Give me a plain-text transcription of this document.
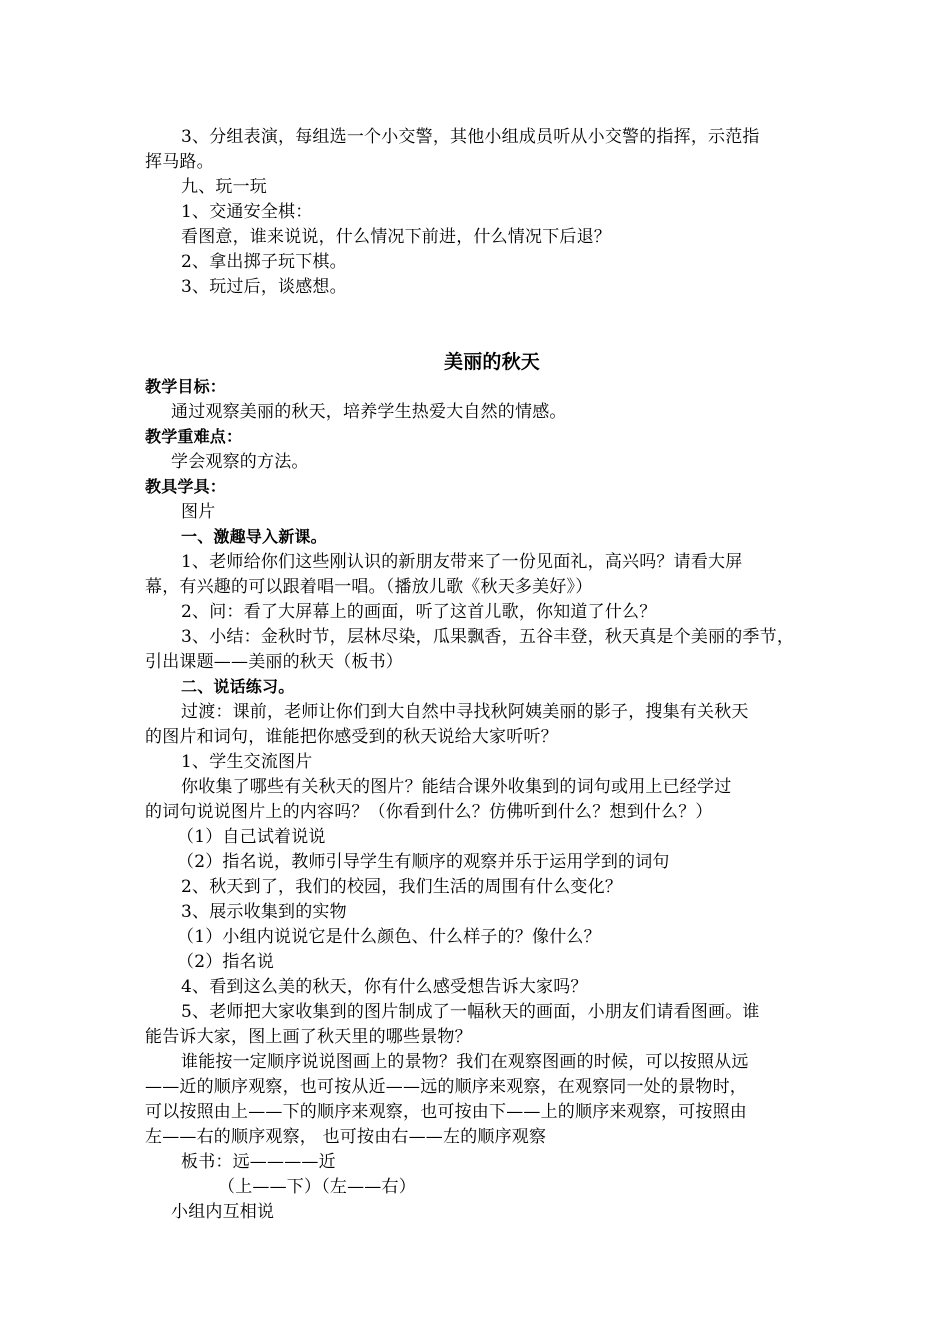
3、分组表演，每组选一个小交警，其他小组成员听从小交警的指挥，示范指
挥马路。
九、玩一玩
1、交通安全棋：
看图意，谁来说说，什么情况下前进，什么情况下后退？
2、拿出掷子玩下棋。
3、玩过后，谈感想。
美丽的秋天
教学目标：
通过观察美丽的秋天，培养学生热爱大自然的情感。
教学重难点：
学会观察的方法。
教具学具：
图片
一、激趣导入新课。
1、老师给你们这些刚认识的新朋友带来了一份见面礼，高兴吗？请看大屏
幕，有兴趣的可以跟着唱一唱。（播放儿歌《秋天多美好》）
2、问：看了大屏幕上的画面，听了这首儿歌，你知道了什么？
3、小结：金秋时节，层林尽染，瓜果飘香，五谷丰登，秋天真是个美丽的季节，
引出课题——美丽的秋天（板书）
二、说话练习。
过渡：课前，老师让你们到大自然中寻找秋阿姨美丽的影子，搜集有关秋天
的图片和词句，谁能把你感受到的秋天说给大家听听？
1、学生交流图片
你收集了哪些有关秋天的图片？能结合课外收集到的词句或用上已经学过
的词句说说图片上的内容吗？（你看到什么？仿佛听到什么？想到什么？）
（1）自己试着说说
（2）指名说，教师引导学生有顺序的观察并乐于运用学到的词句
2、秋天到了，我们的校园，我们生活的周围有什么变化？
3、展示收集到的实物
（1）小组内说说它是什么颜色、什么样子的？像什么？
（2）指名说
4、看到这么美的秋天，你有什么感受想告诉大家吗？
5、老师把大家收集到的图片制成了一幅秋天的画面，小朋友们请看图画。谁
能告诉大家，图上画了秋天里的哪些景物？
谁能按一定顺序说说图画上的景物？我们在观察图画的时候，可以按照从远
——近的顺序观察，也可按从近——远的顺序来观察，在观察同一处的景物时，
可以按照由上——下的顺序来观察，也可按由下——上的顺序来观察，可按照由
左——右的顺序观察， 也可按由右——左的顺序观察
板书：远————近
（上——下）（左——右）
小组内互相说
